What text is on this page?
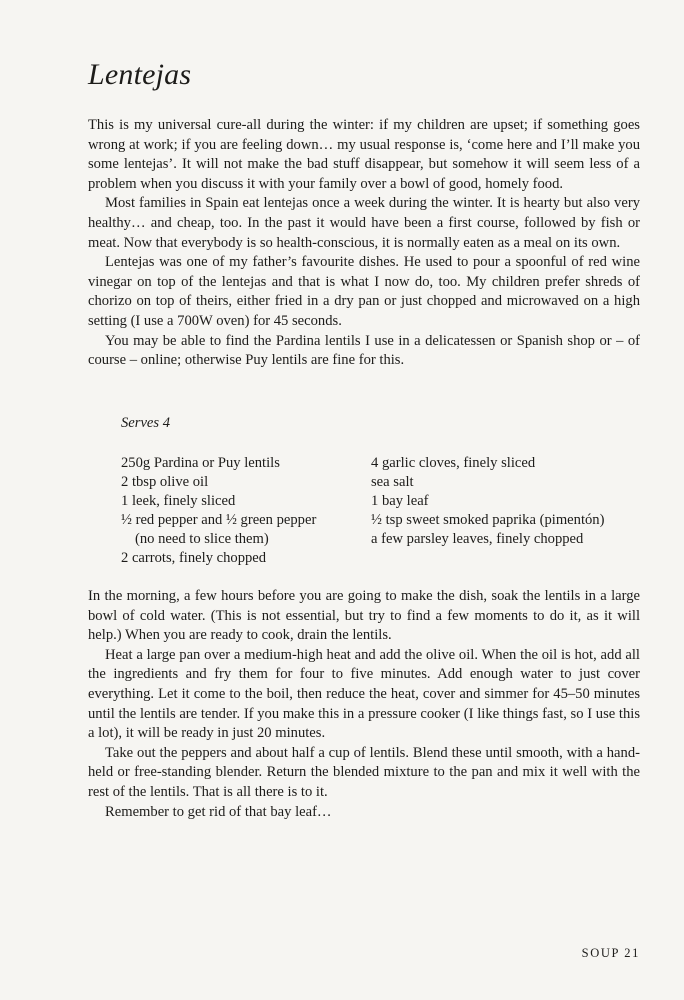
Lentejas

This is my universal cure-all during the winter: if my children are upset; if something goes wrong at work; if you are feeling down… my usual response is, ‘come here and I’ll make you some lentejas’. It will not make the bad stuff disappear, but somehow it will seem less of a problem when you discuss it with your family over a bowl of good, homely food.

Most families in Spain eat lentejas once a week during the winter. It is hearty but also very healthy… and cheap, too. In the past it would have been a first course, followed by fish or meat. Now that everybody is so health-conscious, it is normally eaten as a meal on its own.

Lentejas was one of my father’s favourite dishes. He used to pour a spoonful of red wine vinegar on top of the lentejas and that is what I now do, too. My children prefer shreds of chorizo on top of theirs, either fried in a dry pan or just chopped and microwaved on a high setting (I use a 700W oven) for 45 seconds.

You may be able to find the Pardina lentils I use in a delicatessen or Spanish shop or – of course – online; otherwise Puy lentils are fine for this.

Serves 4
250g Pardina or Puy lentils
2 tbsp olive oil
1 leek, finely sliced
½ red pepper and ½ green pepper
(no need to slice them)
2 carrots, finely chopped
4 garlic cloves, finely sliced
sea salt
1 bay leaf
½ tsp sweet smoked paprika (pimentón)
a few parsley leaves, finely chopped

In the morning, a few hours before you are going to make the dish, soak the lentils in a large bowl of cold water. (This is not essential, but try to find a few moments to do it, as it will help.) When you are ready to cook, drain the lentils.

Heat a large pan over a medium-high heat and add the olive oil. When the oil is hot, add all the ingredients and fry them for four to five minutes. Add enough water to just cover everything. Let it come to the boil, then reduce the heat, cover and simmer for 45–50 minutes until the lentils are tender. If you make this in a pressure cooker (I like things fast, so I use this a lot), it will be ready in just 20 minutes.

Take out the peppers and about half a cup of lentils. Blend these until smooth, with a hand-held or free-standing blender. Return the blended mixture to the pan and mix it well with the rest of the lentils. That is all there is to it.

Remember to get rid of that bay leaf…

SOUP 21
